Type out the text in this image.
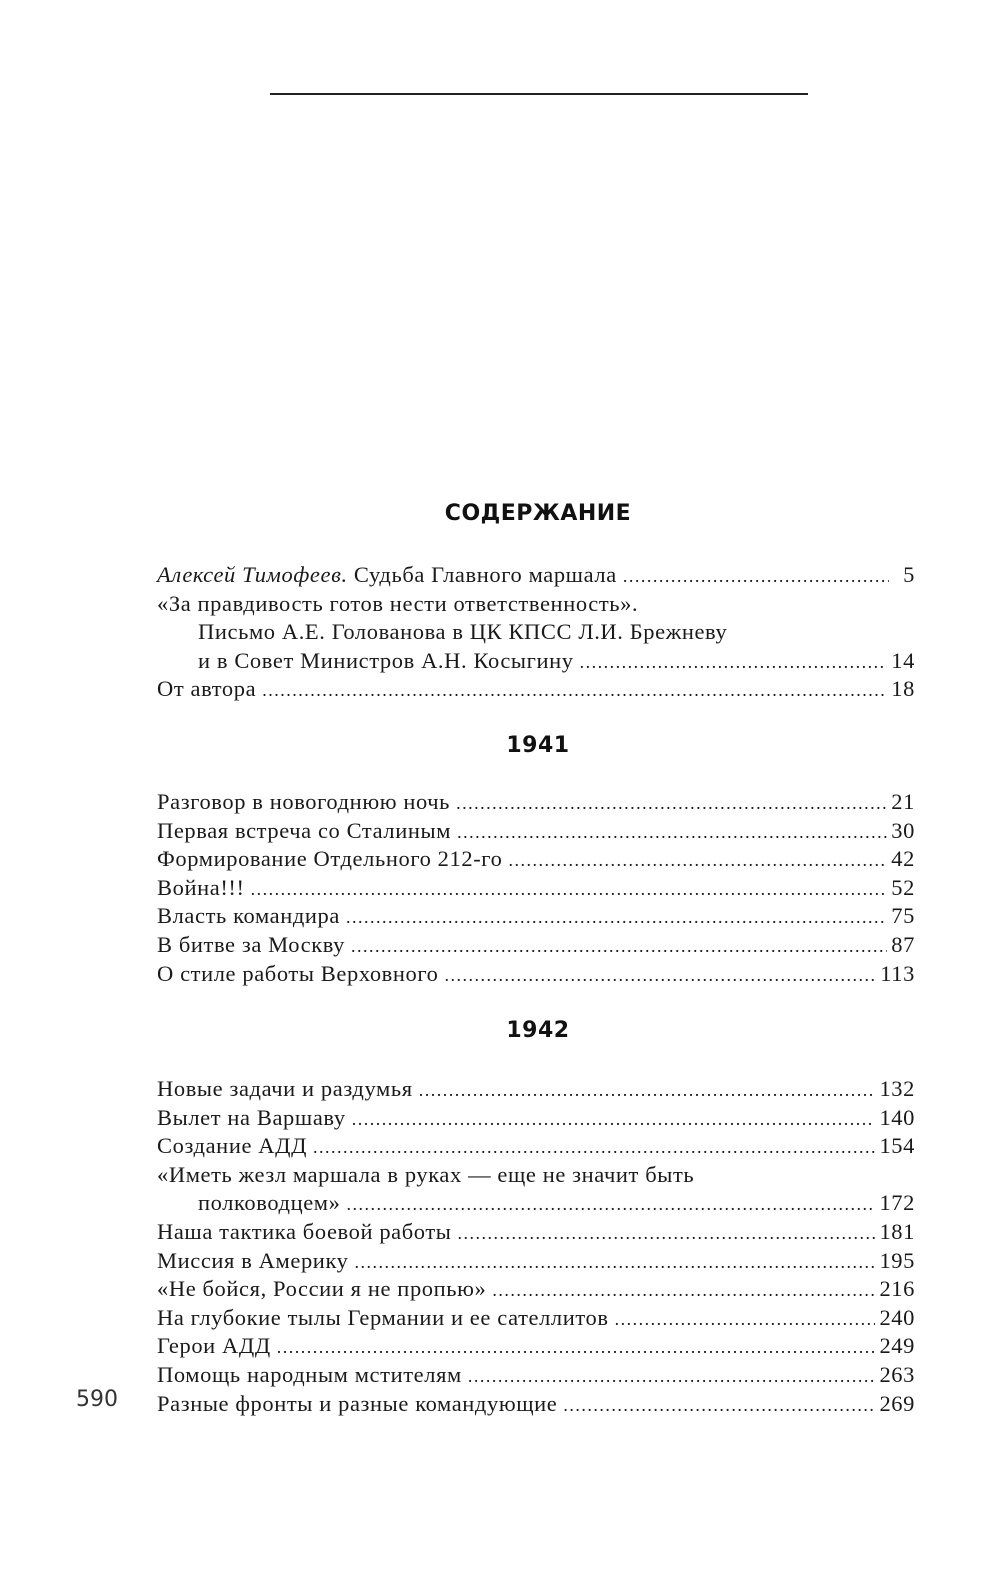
СОДЕРЖАНИЕ
Алексей Тимофеев. Судьба Главного маршала .....	5
«За правдивость готов нести ответственность».
Письмо А.Е. Голованова в ЦК КПСС Л.И. Брежневу
и в Совет Министров А.Н. Косыгину .....	14
От автора .....	18
1941
Разговор в новогоднюю ночь .....	21
Первая встреча со Сталиным .....	30
Формирование Отдельного 212-го .....	42
Война!!! .....	52
Власть командира .....	75
В битве за Москву .....	87
О стиле работы Верховного .....	113
1942
Новые задачи и раздумья .....	132
Вылет на Варшаву .....	140
Создание АДД .....	154
«Иметь жезл маршала в руках — еще не значит быть
полководцем» .....	172
Наша тактика боевой работы .....	181
Миссия в Америку .....	195
«Не бойся, России я не пропью» .....	216
На глубокие тылы Германии и ее сателлитов .....	240
Герои АДД .....	249
Помощь народным мстителям .....	263
Разные фронты и разные командующие .....	269
590
